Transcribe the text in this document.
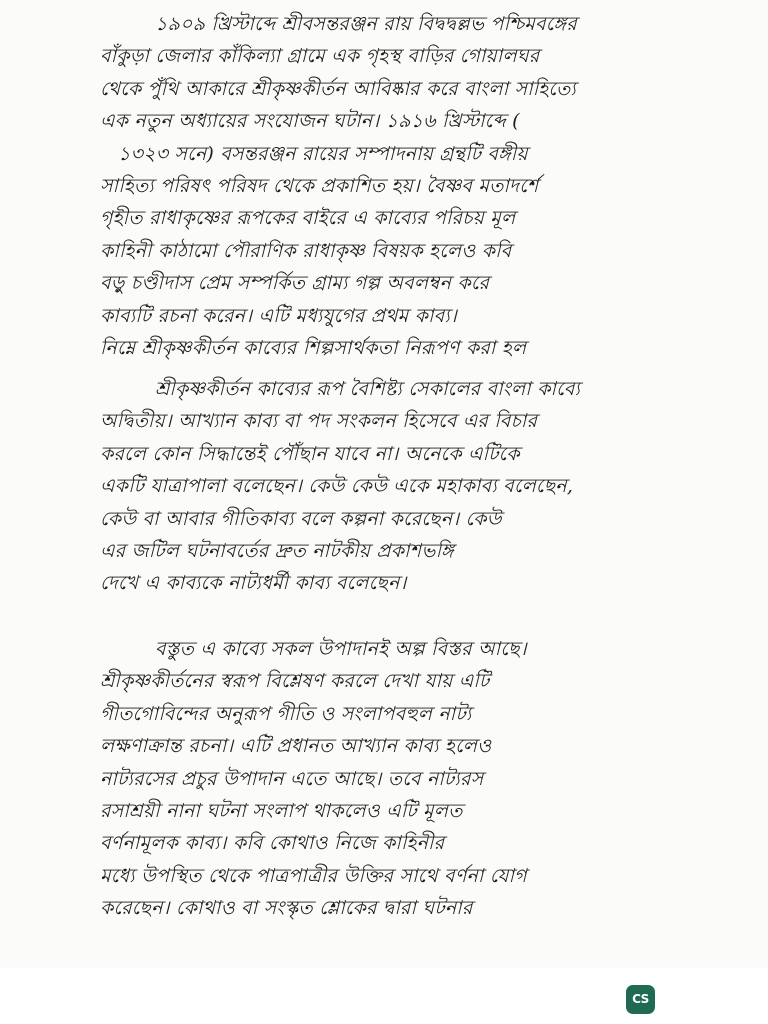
১৯০৯ খ্রিস্টাব্দে শ্রীবসন্তরঞ্জন রায় বিদ্বদ্বল্লভ পশ্চিমবঙ্গের
বাঁকুড়া জেলার কাঁকিল্যা গ্রামে এক গৃহস্থ বাড়ির গোয়ালঘর
থেকে পুঁথি আকারে শ্রীকৃষ্ণকীর্তন আবিষ্কার করে বাংলা সাহিত্যে
এক নতুন অধ্যায়ের সংযোজন ঘটান। ১৯১৬ খ্রিস্টাব্দে (
১৩২৩ সনে) বসন্তরঞ্জন রায়ের সম্পাদনায় গ্রন্থটি বঙ্গীয়
সাহিত্য পরিষৎ পরিষদ থেকে প্রকাশিত হয়। বৈষ্ণব মতাদর্শে
গৃহীত রাধাকৃষ্ণের রূপকের বাইরে এ কাব্যের পরিচয় মূল
কাহিনী কাঠামো পৌরাণিক রাধাকৃষ্ণ বিষয়ক হলেও কবি
বড়ু চণ্ডীদাস প্রেম সম্পর্কিত গ্রাম্য গল্প অবলম্বন করে
কাব্যটি রচনা করেন। এটি মধ্যযুগের প্রথম কাব্য।
নিম্নে শ্রীকৃষ্ণকীর্তন কাব্যের শিল্পসার্থকতা নিরূপণ করা হল
শ্রীকৃষ্ণকীর্তন কাব্যের রূপ বৈশিষ্ট্য সেকালের বাংলা কাব্যে
অদ্বিতীয়। আখ্যান কাব্য বা পদ সংকলন হিসেবে এর বিচার
করলে কোন সিদ্ধান্তেই পৌঁছান যাবে না। অনেকে এটিকে
একটি যাত্রাপালা বলেছেন। কেউ কেউ একে মহাকাব্য বলেছেন,
কেউ বা আবার গীতিকাব্য বলে কল্পনা করেছেন। কেউ
এর জটিল ঘটনাবর্তের দ্রুত নাটকীয় প্রকাশভঙ্গি
দেখে এ কাব্যকে নাট্যধর্মী কাব্য বলেছেন।
বস্তুত এ কাব্যে সকল উপাদানই অল্প বিস্তর আছে।
শ্রীকৃষ্ণকীর্তনের স্বরূপ বিশ্লেষণ করলে দেখা যায় এটি
গীতগোবিন্দের অনুরূপ গীতি ও সংলাপবহুল নাট্য
লক্ষণাক্রান্ত রচনা। এটি প্রধানত আখ্যান কাব্য হলেও
নাট্যরসের প্রচুর উপাদান এতে আছে। তবে নাট্যরস
রসাশ্রয়ী নানা ঘটনা সংলাপ থাকলেও এটি মূলত
বর্ণনামূলক কাব্য। কবি কোথাও নিজে কাহিনীর
মধ্যে উপস্থিত থেকে পাত্রপাত্রীর উক্তির সাথে বর্ণনা যোগ
করেছেন। কোথাও বা সংস্কৃত শ্লোকের দ্বারা ঘটনার
CS
